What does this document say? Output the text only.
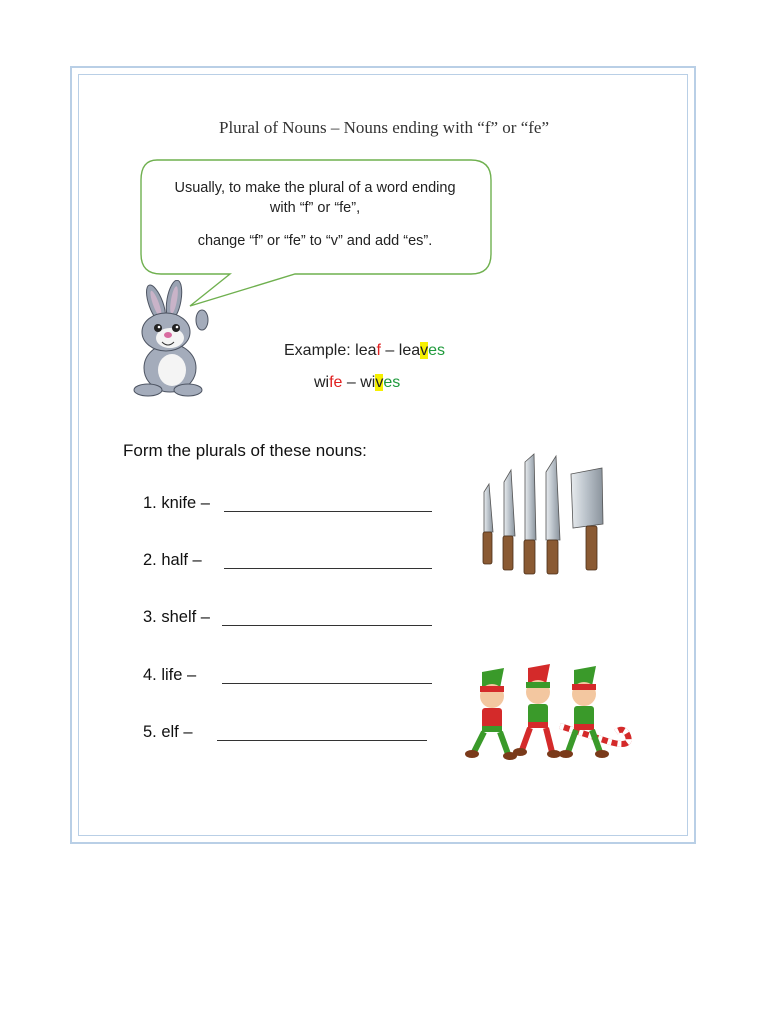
Plural of Nouns – Nouns ending with “f” or “fe”
Usually, to make the plural of a word ending
with “f” or “fe”,
change “f” or “fe” to “v” and add “es”.
Example: leaf – leaves
wife – wives
Form the plurals of these nouns:
1. knife –
2. half –
3. shelf –
4. life –
5. elf –
